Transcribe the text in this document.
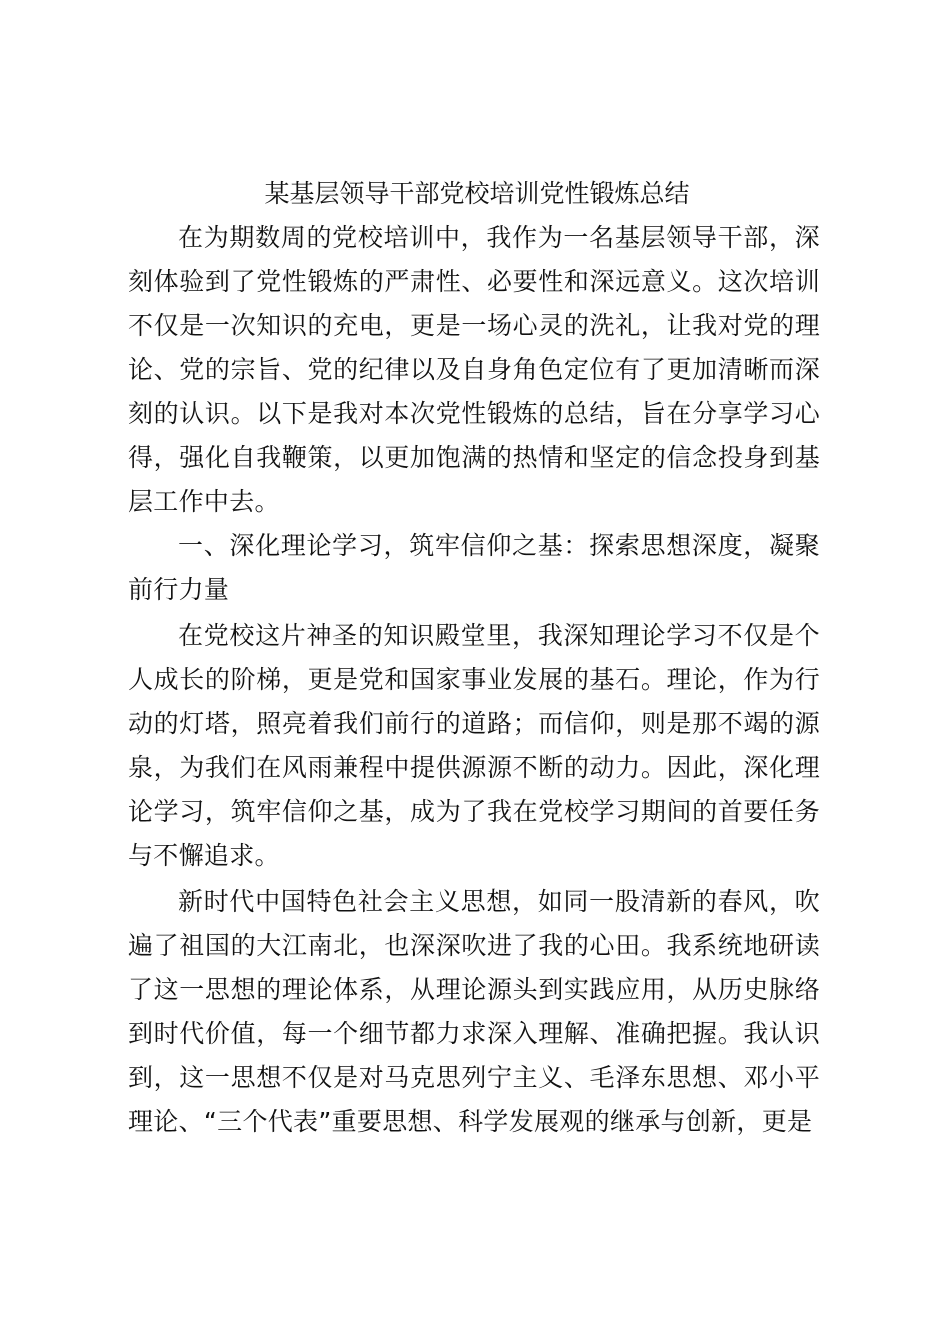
某基层领导干部党校培训党性锻炼总结

在为期数周的党校培训中，我作为一名基层领导干部，深刻体验到了党性锻炼的严肃性、必要性和深远意义。这次培训不仅是一次知识的充电，更是一场心灵的洗礼，让我对党的理论、党的宗旨、党的纪律以及自身角色定位有了更加清晰而深刻的认识。以下是我对本次党性锻炼的总结，旨在分享学习心得，强化自我鞭策，以更加饱满的热情和坚定的信念投身到基层工作中去。

一、深化理论学习，筑牢信仰之基：探索思想深度，凝聚前行力量

在党校这片神圣的知识殿堂里，我深知理论学习不仅是个人成长的阶梯，更是党和国家事业发展的基石。理论，作为行动的灯塔，照亮着我们前行的道路；而信仰，则是那不竭的源泉，为我们在风雨兼程中提供源源不断的动力。因此，深化理论学习，筑牢信仰之基，成为了我在党校学习期间的首要任务与不懈追求。

新时代中国特色社会主义思想，如同一股清新的春风，吹遍了祖国的大江南北，也深深吹进了我的心田。我系统地研读了这一思想的理论体系，从理论源头到实践应用，从历史脉络到时代价值，每一个细节都力求深入理解、准确把握。我认识到，这一思想不仅是对马克思列宁主义、毛泽东思想、邓小平理论、“三个代表”重要思想、科学发展观的继承与创新，更是
